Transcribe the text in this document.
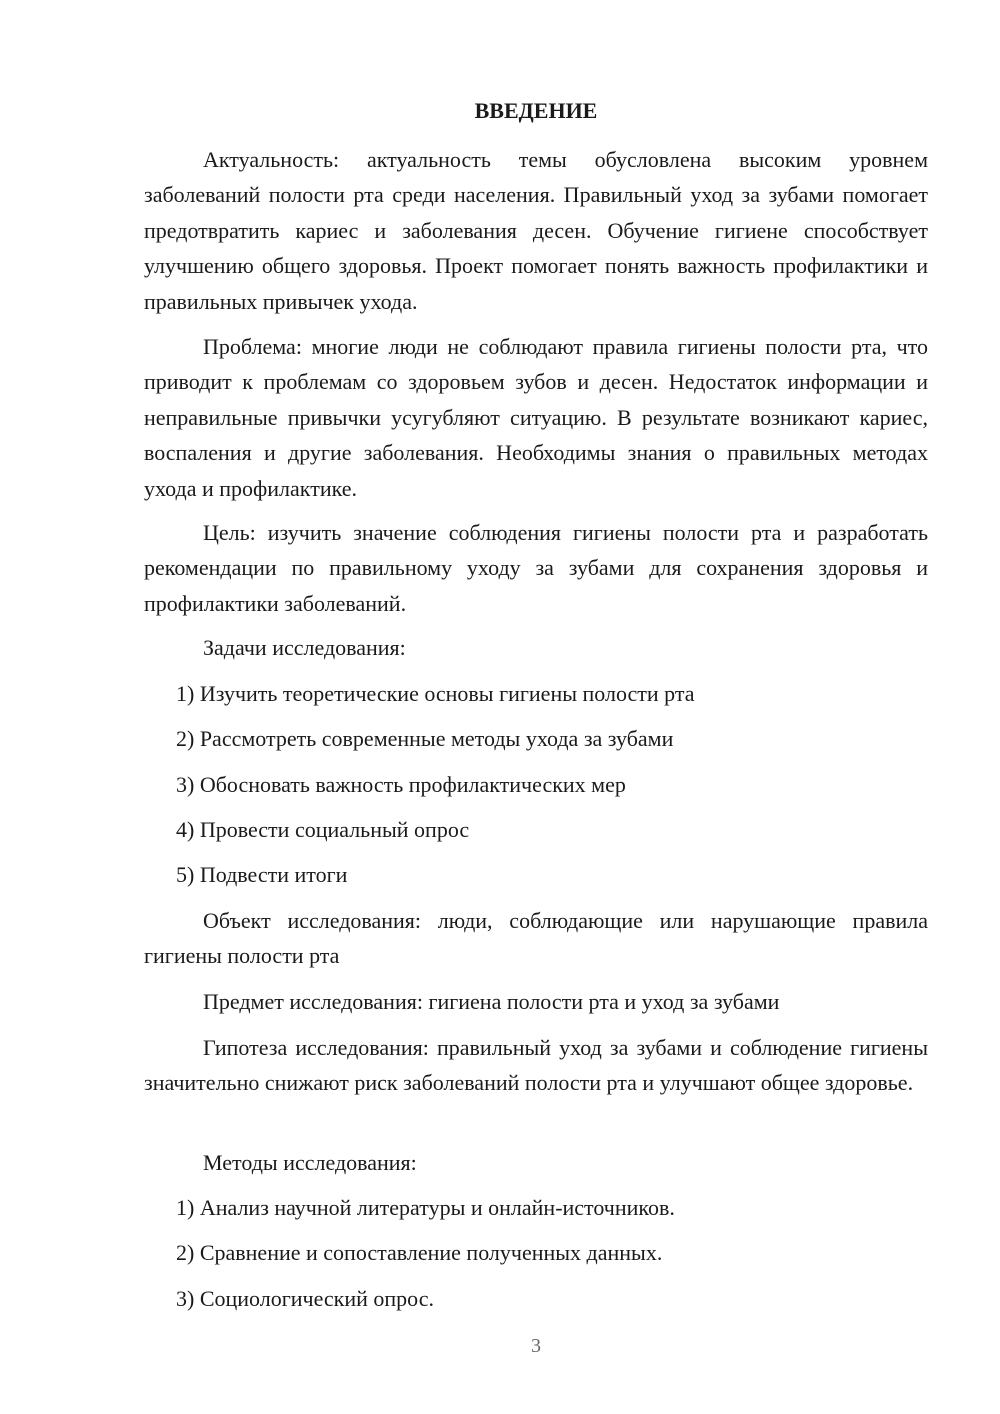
ВВЕДЕНИЕ
Актуальность: актуальность темы обусловлена высоким уровнем заболеваний полости рта среди населения. Правильный уход за зубами помогает предотвратить кариес и заболевания десен. Обучение гигиене способствует улучшению общего здоровья. Проект помогает понять важность профилактики и правильных привычек ухода.
Проблема: многие люди не соблюдают правила гигиены полости рта, что приводит к проблемам со здоровьем зубов и десен. Недостаток информации и неправильные привычки усугубляют ситуацию. В результате возникают кариес, воспаления и другие заболевания. Необходимы знания о правильных методах ухода и профилактике.
Цель: изучить значение соблюдения гигиены полости рта и разработать рекомендации по правильному уходу за зубами для сохранения здоровья и профилактики заболеваний.
Задачи исследования:
1) Изучить теоретические основы гигиены полости рта
2) Рассмотреть современные методы ухода за зубами
3) Обосновать важность профилактических мер
4) Провести социальный опрос
5) Подвести итоги
Объект исследования: люди, соблюдающие или нарушающие правила гигиены полости рта
Предмет исследования: гигиена полости рта и уход за зубами
Гипотеза исследования: правильный уход за зубами и соблюдение гигиены значительно снижают риск заболеваний полости рта и улучшают общее здоровье.
Методы исследования:
1) Анализ научной литературы и онлайн-источников.
2) Сравнение и сопоставление полученных данных.
3) Социологический опрос.
3
